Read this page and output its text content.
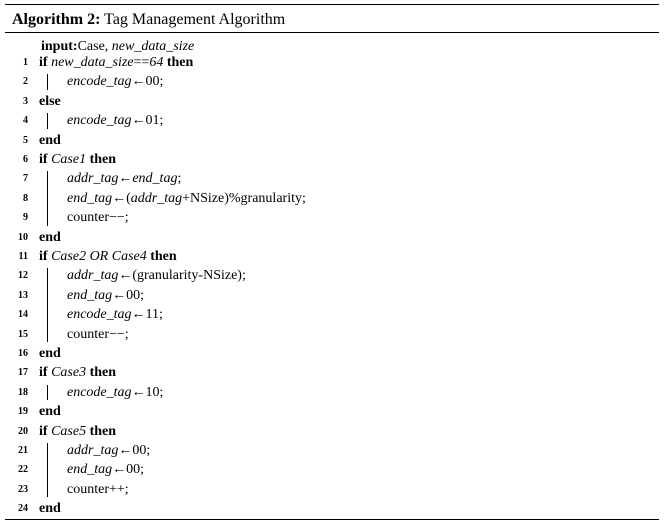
Algorithm 2: Tag Management Algorithm
input:Case, new_data_size
1 if new_data_size==64 then
2	encode_tag←00;
3 else
4	encode_tag←01;
5 end
6 if Case1 then
7	addr_tag←end_tag;
8	end_tag←(addr_tag+NSize)%granularity;
9	counter−−;
10 end
11 if Case2 OR Case4 then
12	addr_tag←(granularity-NSize);
13	end_tag←00;
14	encode_tag←11;
15	counter−−;
16 end
17 if Case3 then
18	encode_tag←10;
19 end
20 if Case5 then
21	addr_tag←00;
22	end_tag←00;
23	counter++;
24 end
